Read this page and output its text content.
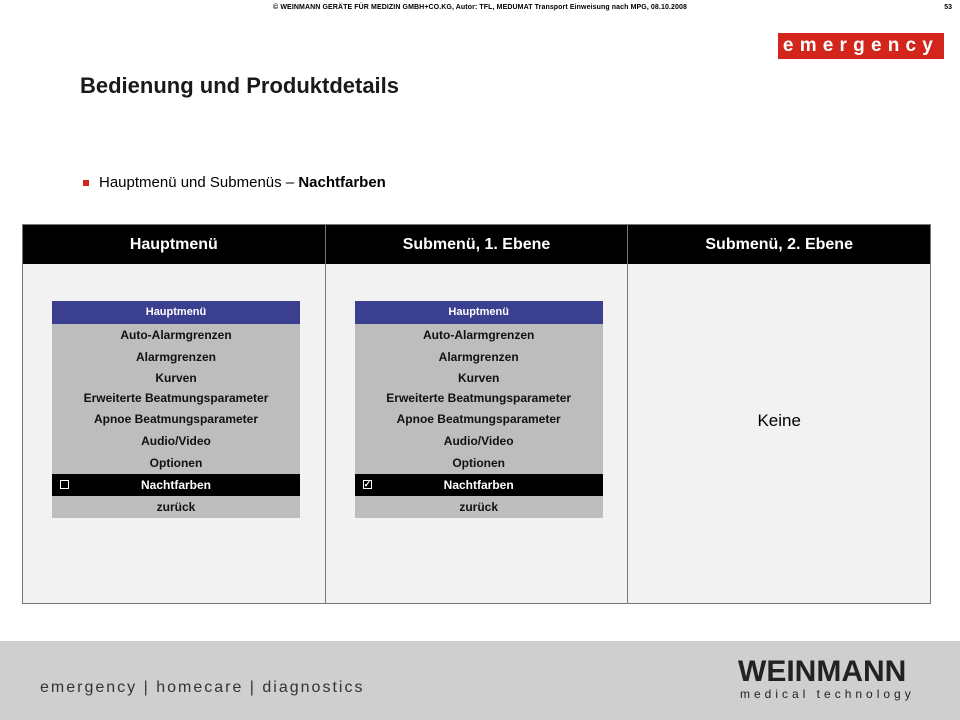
© WEINMANN GERÄTE FÜR MEDIZIN GMBH+CO.KG, Autor: TFL, MEDUMAT Transport Einweisung nach MPG, 08.10.2008	53
emergency
Bedienung und Produktdetails
Hauptmenü und Submenüs –
Nachtfarben
Hauptmenü	Submenü, 1. Ebene	Submenü, 2. Ebene
Hauptmenü
Auto-Alarmgrenzen
Alarmgrenzen
Kurven
Erweiterte Beatmungsparameter
Apnoe Beatmungsparameter
Audio/Video
Optionen
Nachtfarben
zurück
Hauptmenü
Auto-Alarmgrenzen
Alarmgrenzen
Kurven
Erweiterte Beatmungsparameter
Apnoe Beatmungsparameter
Audio/Video
Optionen
✓	Nachtfarben
zurück
Keine
emergency | homecare | diagnostics	WEINMANN
medical technology
